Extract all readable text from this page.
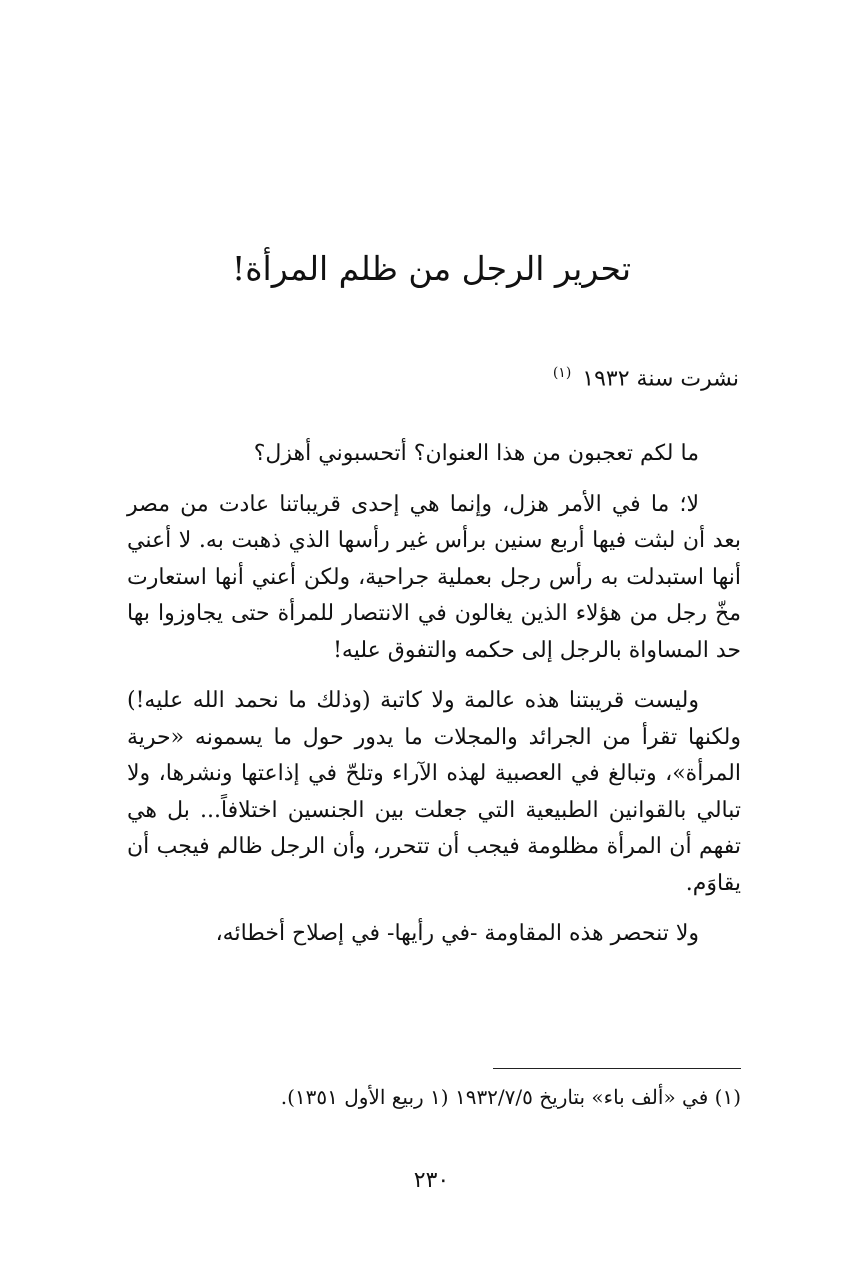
تحرير الرجل من ظلم المرأة!
نشرت سنة ١٩٣٢ $^{(١)}$

ما لكم تعجبون من هذا العنوان؟ أتحسبوني أهزل؟

لا؛ ما في الأمر هزل، وإنما هي إحدى قريباتنا عادت من مصر بعد أن لبثت فيها أربع سنين برأس غير رأسها الذي ذهبت به. لا أعني أنها استبدلت به رأس رجل بعملية جراحية، ولكن أعني أنها استعارت مخّ رجل من هؤلاء الذين يغالون في الانتصار للمرأة حتى يجاوزوا بها حد المساواة بالرجل إلى حكمه والتفوق عليه!

وليست قريبتنا هذه عالمة ولا كاتبة (وذلك ما نحمد الله عليه!) ولكنها تقرأ من الجرائد والمجلات ما يدور حول ما يسمونه «حرية المرأة»، وتبالغ في العصبية لهذه الآراء وتلحّ في إذاعتها ونشرها، ولا تبالي بالقوانين الطبيعية التي جعلت بين الجنسين اختلافاً... بل هي تفهم أن المرأة مظلومة فيجب أن تتحرر، وأن الرجل ظالم فيجب أن يقاوَم.

ولا تنحصر هذه المقاومة -في رأيها- في إصلاح أخطائه،

(١) في «ألف باء» بتاريخ ١٩٣٢/٧/٥ (١ ربيع الأول ١٣٥١).
٢٣٠
